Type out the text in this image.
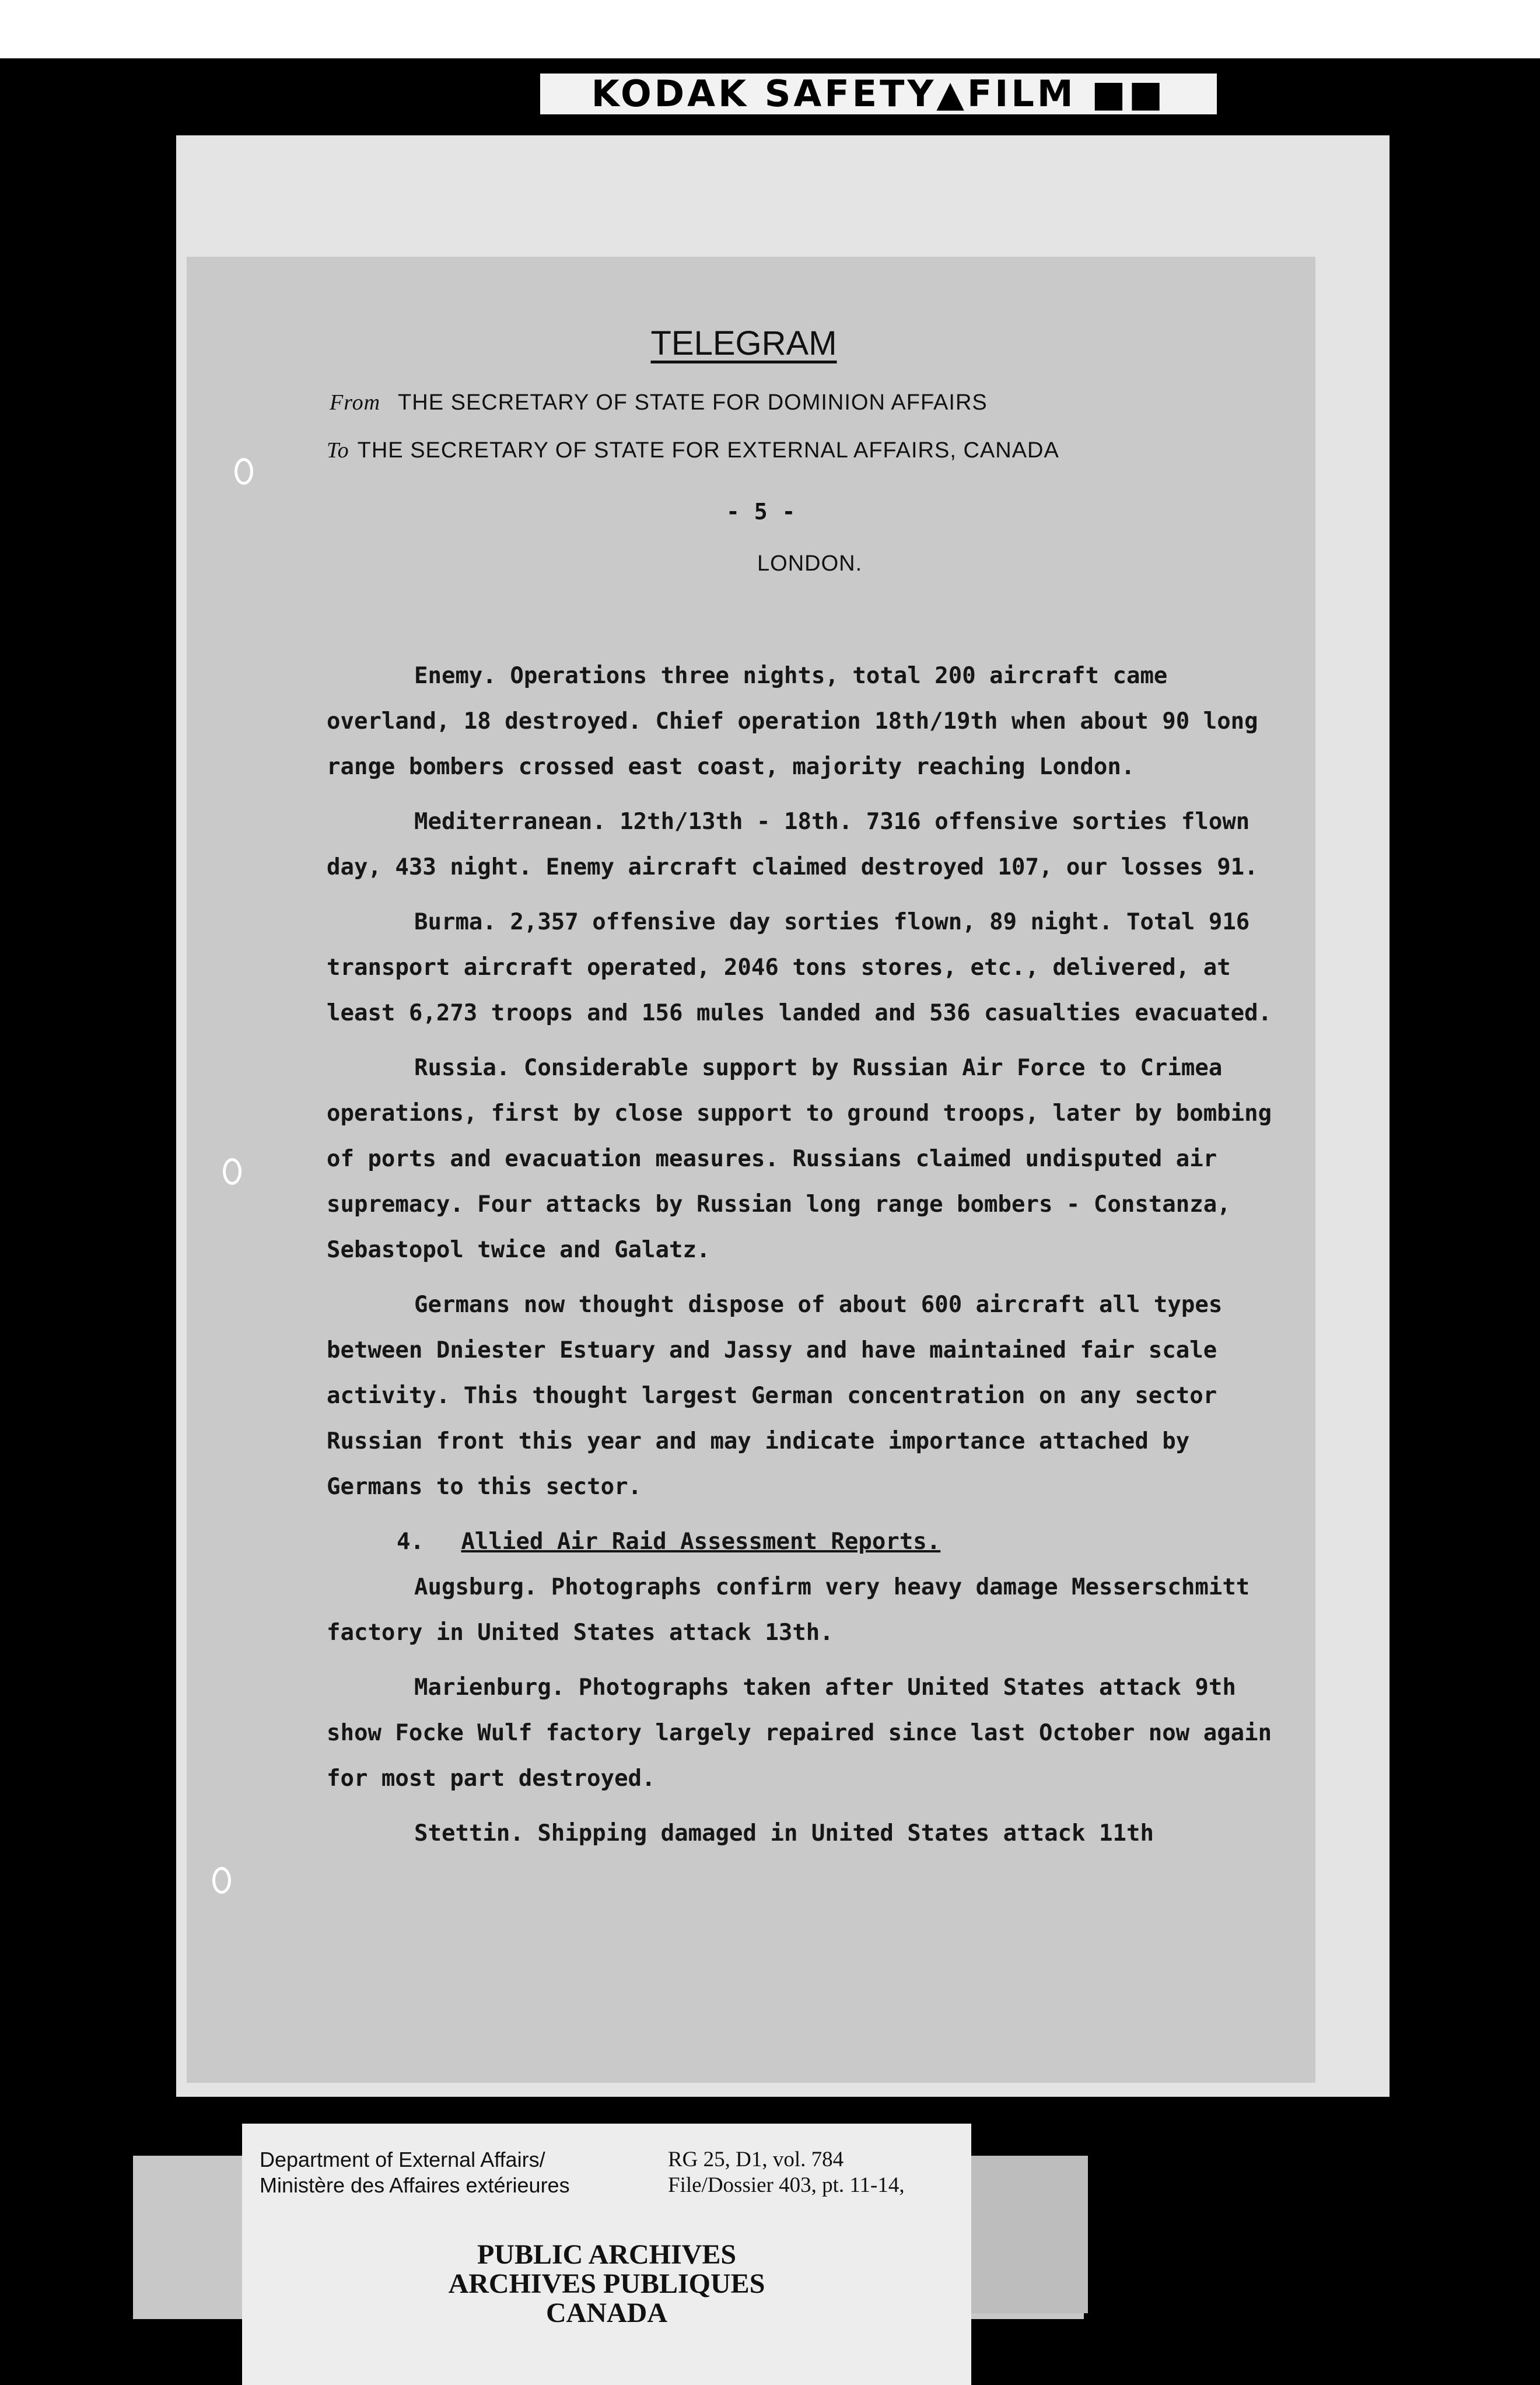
KODAK SAFETY▲FILM ■■
TELEGRAM
From THE SECRETARY OF STATE FOR DOMINION AFFAIRS
To THE SECRETARY OF STATE FOR EXTERNAL AFFAIRS, CANADA
- 5 -
LONDON.

Enemy. Operations three nights, total 200 aircraft came overland, 18 destroyed. Chief operation 18th/19th when about 90 long range bombers crossed east coast, majority reaching London.

Mediterranean. 12th/13th - 18th. 7316 offensive sorties flown day, 433 night. Enemy aircraft claimed destroyed 107, our losses 91.

Burma. 2,357 offensive day sorties flown, 89 night. Total 916 transport aircraft operated, 2046 tons stores, etc., delivered, at least 6,273 troops and 156 mules landed and 536 casualties evacuated.

Russia. Considerable support by Russian Air Force to Crimea operations, first by close support to ground troops, later by bombing of ports and evacuation measures. Russians claimed undisputed air supremacy. Four attacks by Russian long range bombers - Constanza, Sebastopol twice and Galatz.

Germans now thought dispose of about 600 aircraft all types between Dniester Estuary and Jassy and have maintained fair scale activity. This thought largest German concentration on any sector Russian front this year and may indicate importance attached by Germans to this sector.

4. Allied Air Raid Assessment Reports.

Augsburg. Photographs confirm very heavy damage Messerschmitt factory in United States attack 13th.

Marienburg. Photographs taken after United States attack 9th show Focke Wulf factory largely repaired since last October now again for most part destroyed.

Stettin. Shipping damaged in United States attack 11th

Department of External Affairs/
Ministère des Affaires extérieures
RG 25, D1, vol. 784
File/Dossier 403, pt. 11-14,
PUBLIC ARCHIVES
ARCHIVES PUBLIQUES
CANADA
